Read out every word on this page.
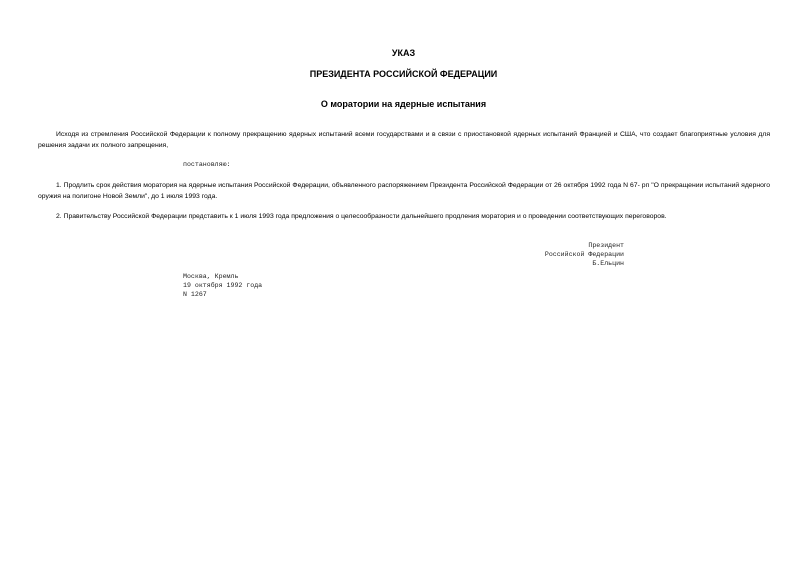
УКАЗ
ПРЕЗИДЕНТА РОССИЙСКОЙ ФЕДЕРАЦИИ
О моратории на ядерные испытания
Исходя из стремления Российской Федерации к полному прекращению ядерных испытаний всеми государствами и в связи с приостановкой ядерных испытаний Францией и США, что создает благоприятные условия для решения задачи их полного запрещения,
постановляю:
1. Продлить срок действия моратория на ядерные испытания Российской Федерации, объявленного распоряжением Президента Российской Федерации от 26 октября 1992 года N 67- рп "О прекращении испытаний ядерного оружия на полигоне Новой Земли", до 1 июля 1993 года.
2. Правительству Российской Федерации представить к 1 июля 1993 года предложения о целесообразности дальнейшего продления моратория и о проведении соответствующих переговоров.
Президент
Российской Федерации
Б.Ельцин
Москва, Кремль
19 октября 1992 года
N 1267
